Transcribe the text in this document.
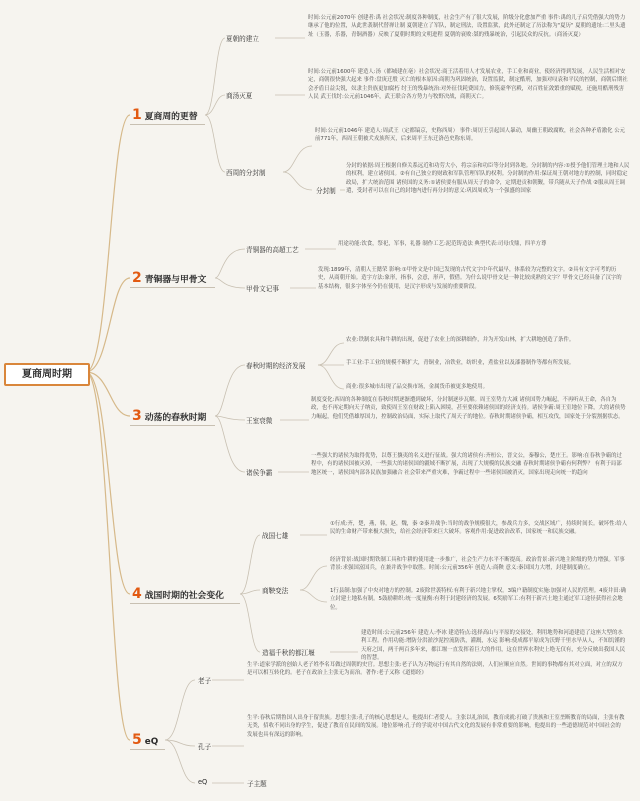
夏商周时期
1 夏商周的更替
2 青铜器与甲骨文
3 动荡的春秋时期
4 战国时期的社会变化
5 eQ
夏朝的建立
时间:公元前2070年 创建者:禹 社会状况:制度各种制度，社会生产有了很大发展，阶级分化愈加严重 事件:禹的儿子启凭借强大的势力继承了他的位置，从此世袭制代替禅让制 夏朝建立了军队，制定刑法，设置监狱，此外还制定了历法称为"夏历" 夏朝的遗址:二里头遗址（玉器，乐器，青铜酒器）反映了夏朝时期的文明进程 夏朝的衰败:桀的残暴统治，引起民众的反抗。（商汤灭夏）
商汤灭夏
时间:公元前1600年 建造人:汤（都城建在亳）社会状况:商王活着用人才发展农业，手工业和商业，使经济得到发展，人民生活相对安定，商朝很快强大起来 事件:盘庚迁殷 灭亡的根本原因:商朝为巩固统治，设置监狱，制定酷刑，加强对叹袁和平民的控制，商朝后期社会矛盾日益尖锐，奴隶主贵族更加腐朽 纣王的残暴统治:对外征伐耗费国力，修筑豪华宫殿，对百姓征敛繁重的赋税，还施用酷刑残害人民 武王伐纣:公元前1046年，武王联合各方势力与牧野决战，商朝灭亡。
西周的分封制
时间:公元前1046年 建造人:周武王（定都镐京，史称西周） 事件:周厉王引起国人暴动，周幽王朝政腐败，社会各种矛盾激化 公元前771年，西周王朝被犬戎族所灭，后来周平王东迁洛邑史称东周。
分封制
分封的依据:周王根据自修关系远近和功劳大小，将宗亲和功臣等分封到各地。分封制的内容:①授予他们管理土地和人民的权利，建立诸侯国。②有自己独立的财政和军队管理军队的权利。分封制的作用:保证周王朝对地方的控制，同时稳定政局，扩大统治范围 诸侯国的义务:①诸侯要有服从周天子的命令，定期进贡和朝觐，带兵随从天子作战 ②服从周王调遣，受封者可以在自己的封地内进行再分封的意义:巩固周成为一个强盛的国家
青铜器的高超工艺
用途功能:饮食，祭祀，军事，礼器 制作工艺:泥范铸造法 典型代表:司母戊鼎，四羊方尊
甲骨文记事
发现:1899年，清朝人王懿荣 影响:①甲骨文是中国已发现的古代文字中年代最早，体系较为完整的文字。②具有文字可考的历史，从商朝开始。造字方法:象形，指事，会意，形声，假借。为什么说甲骨文是一种比较成熟的文字？甲骨文已经具备了汉字的基本结构，很多字体至今仍在使用，是汉字形成与发展的重要阶段。
春秋时期的经济发展
农业:铁制农具和牛耕的出现，促进了农业上的深耕细作，并为开发山林，扩大耕地创造了条件。
手工业:手工业的规模不断扩大，青铜业，冶铁业，纺织业，煮盐业以及漆器制作等都有所发展。
商业:很多城市出现了品交换市场，金属货币被更多地使用。
王室衰微
制度变化:西周的各种制度在春秋时期逐渐遭到破坏，分封制逐步瓦解。周王室势力大减 诸侯国势力崛起，不再听从王命，各自为政，也不再定期向天子纳贡，致使周王室在财政上陷入困境，甚至要依赖诸侯国的经济支持。诸侯争霸:周王室地位下降，大的诸侯势力崛起，他们凭借雄厚国力，控制政治局面，实际上取代了周天子的地位。春秋时期诸侯争霸，相互攻伐，国家处于分裂割据状态。
诸侯争霸
一些强大的诸侯为取得优势，以尊王攘夷的名义进行征战。强大的诸侯有:齐桓公，晋文公，秦穆公，楚庄王。影响:在春秋争霸的过程中，有的诸侯国被灭掉，一些强大的诸侯国的疆域不断扩展，出现了大规模的民族交融 春秋时期诸侯争霸有何利弊？ 有利于局部地区统一，诸侯国内部各民族加强融合 社会带来严重灾难，争霸过程中一些诸侯国被消灭，国家出现走向统一的趋向
战国七雄
①行成:齐，楚，燕，韩，赵，魏，秦 ②秦并战争:当时的战争规模很大，参战兵力多，交战区域广，持续时间长。破坏性:给人民的生命财产带来极大损失，给社会经济带来巨大破坏。客观作用:促进政治改革，国家统一和民族交融。
商鞅变法
经济背景:战国时期铁制工具和牛耕的使用进一步推广，社会生产力水平不断提高。政治背景:新兴地主阶级的势力增强。军事背景:求强国富国兵，在兼并战争中取胜。时间:公元前356年 创造人:商鞅 意义:秦国国力大增，封建制度确立。
1行县制:加强了中央对地方的控制。2废除世袭特权:有利于新兴地主掌权。3编户籍制度实施:加强对人民的管理。4废井田:确立封建土地私有制。5鼓励耕织:统一度量衡:有利于封建经济的发展。6奖励军工:有利于新兴土地主通过军工途径获得社会地位。
造福千秋的都江堰
建造时间:公元前256年 建造人:李冰 建造特点:选择高山与平原的交接处，利用地势和河道建造了这座大型的水利工程。作用功能:增防分洪淤沙泥控流防洪，灌溉，水运 影响:使成都平原成为沃野千里水旱从人，不知饥馑的天府之国，两千两百多年来，都江堰一直发挥着巨大的作用，这在世界水利史上绝无仅有，充分反映出我国人民的智慧。
老子
生平:道家学派的创始人老子姓李名耳做过周朝的史官。思想主张:老子认为万物运行有其自然的法则，人们应顺应自然。世间的事物都有其对立面，对立的双方是可以相互转化的。老子在政治上主张无为而治。著作:老子又称《道德经》
孔子
生平:春秋后期鲁国人出身于留贵族。思想主张:孔子的核心思想是人，他提出仁者爱人。主张以礼治国，教育成就:打破了贵族和王室垄断教育的局面，主张有教无类，招收不同出身的学生，促进了教育在民间的发展。地位影响:孔子的学说对中国古代文化的发展有非常重要的影响，他提出的一些道德规范对中国社会的发展也具有深远的影响。
eQ	子主题
